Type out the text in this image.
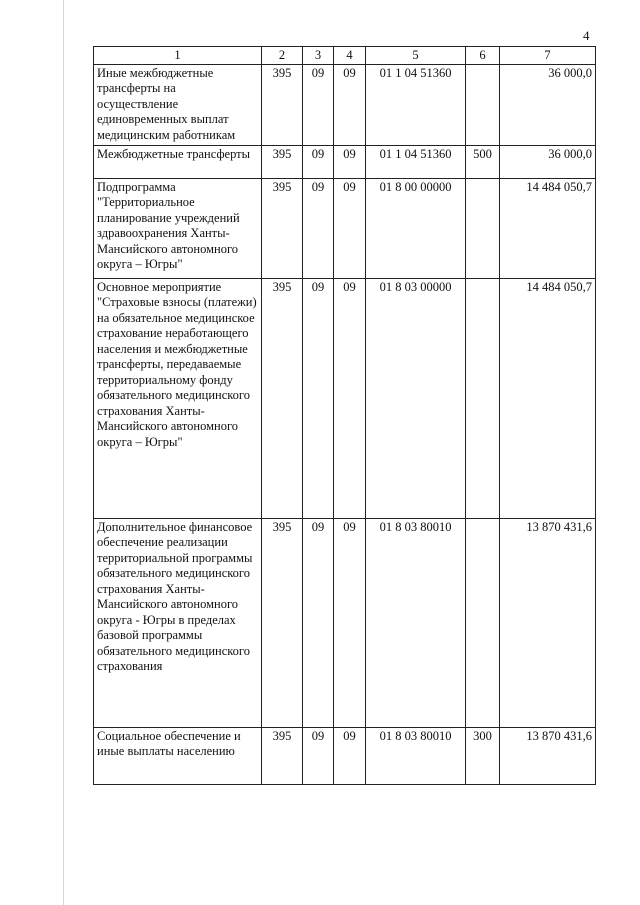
4
1	2	3	4	5	6	7
Иные межбюджетные трансферты на осуществление единовременных выплат медицинским работникам	395	09	09	01 1 04 51360		36 000,0
Межбюджетные трансферты	395	09	09	01 1 04 51360	500	36 000,0
Подпрограмма "Территориальное планирование учреждений здравоохранения Ханты-Мансийского автономного округа – Югры"	395	09	09	01 8 00 00000		14 484 050,7
Основное мероприятие "Страховые взносы (платежи) на обязательное медицинское страхование неработающего населения и межбюджетные трансферты, передаваемые территориальному фонду обязательного медицинского страхования Ханты-Мансийского автономного округа – Югры"	395	09	09	01 8 03 00000		14 484 050,7
Дополнительное финансовое обеспечение реализации территориальной программы обязательного медицинского страхования Ханты-Мансийского автономного округа - Югры в пределах базовой программы обязательного медицинского страхования	395	09	09	01 8 03 80010		13 870 431,6
Социальное обеспечение и иные выплаты населению	395	09	09	01 8 03 80010	300	13 870 431,6
